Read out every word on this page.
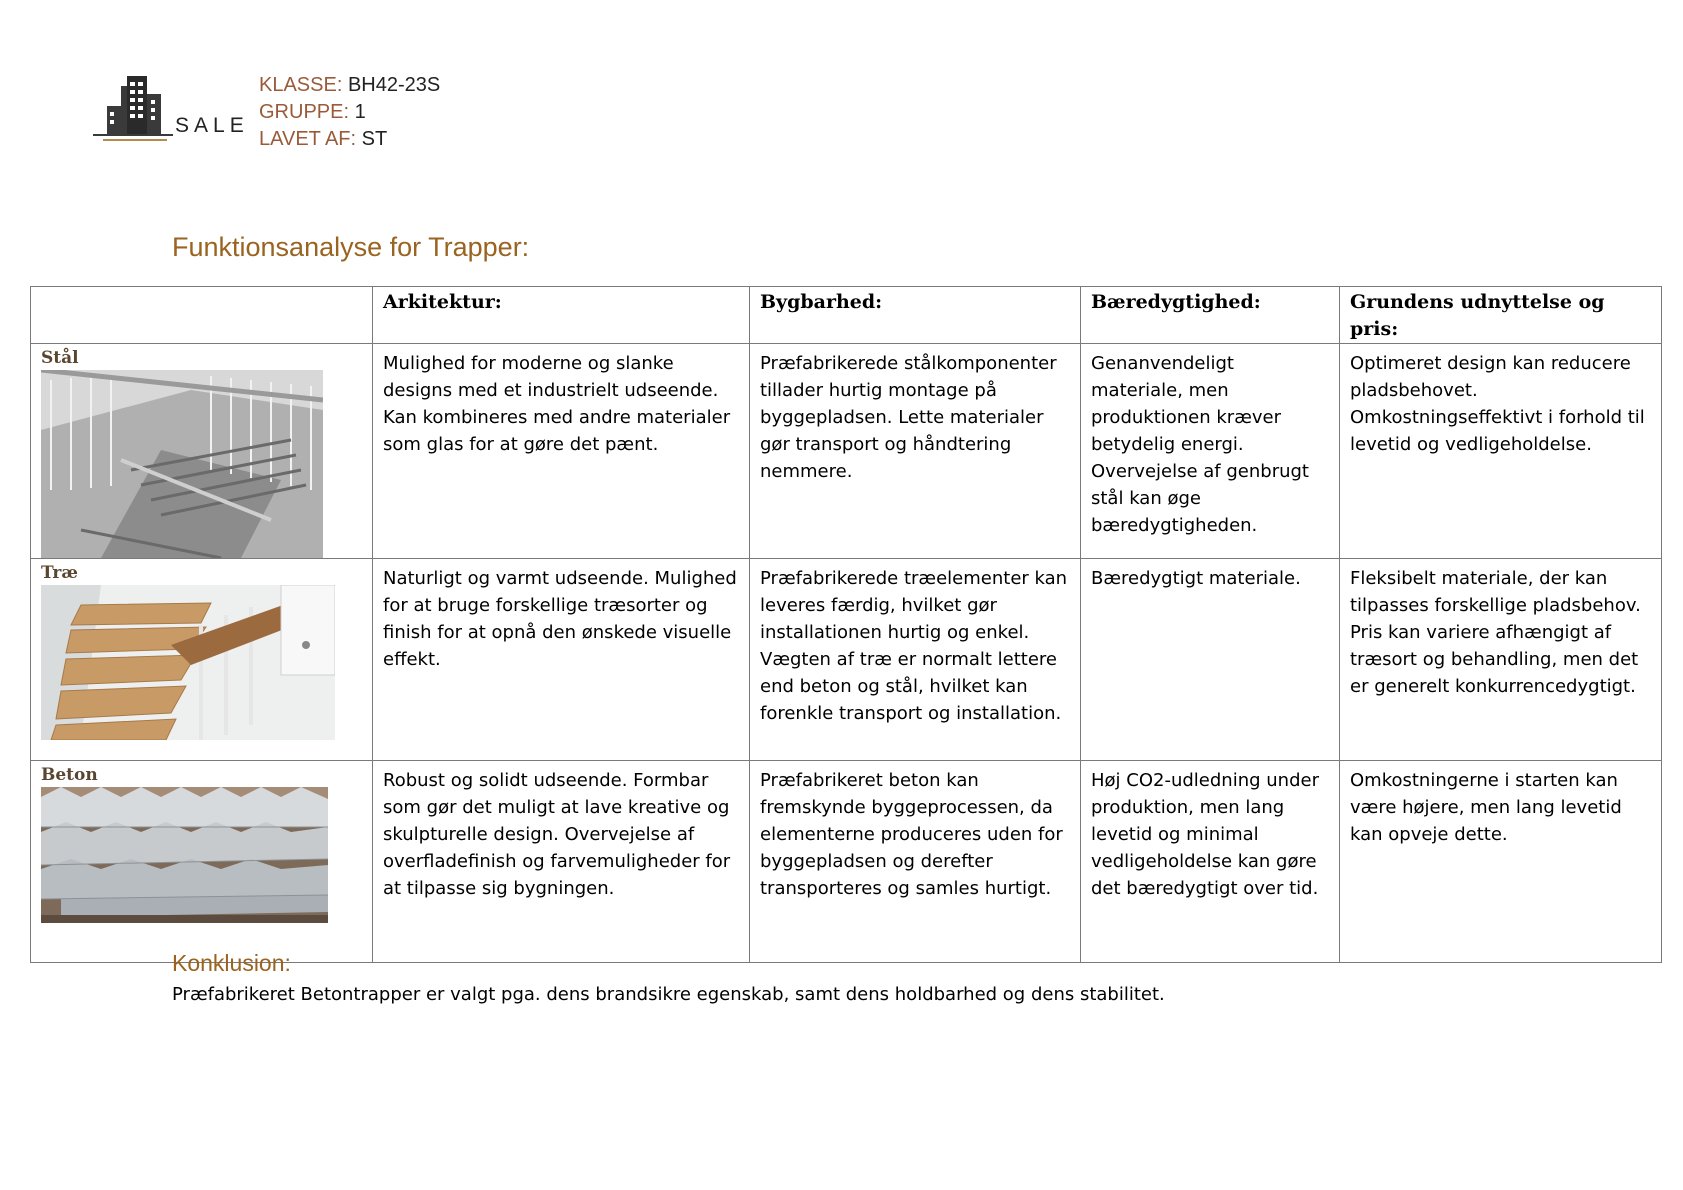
SALE
KLASSE: BH42-23S
GRUPPE: 1
LAVET AF: ST
Funktionsanalyse for Trapper:
	Arkitektur:	Bygbarhed:	Bæredygtighed:	Grundens udnyttelse og pris:

Stål	Mulighed for moderne og slanke designs med et industrielt udseende. Kan kombineres med andre materialer som glas for at gøre det pænt.	Præfabrikerede stålkomponenter tillader hurtig montage på byggepladsen. Lette materialer gør transport og håndtering nemmere.	Genanvendeligt materiale, men produktionen kræver betydelig energi. Overvejelse af genbrugt stål kan øge bæredygtigheden.	Optimeret design kan reducere pladsbehovet. Omkostningseffektivt i forhold til levetid og vedligeholdelse.

Træ	Naturligt og varmt udseende. Mulighed for at bruge forskellige træsorter og finish for at opnå den ønskede visuelle effekt.	Præfabrikerede træelementer kan leveres færdig, hvilket gør installationen hurtig og enkel. Vægten af træ er normalt lettere end beton og stål, hvilket kan forenkle transport og installation.	Bæredygtigt materiale.	Fleksibelt materiale, der kan tilpasses forskellige pladsbehov. Pris kan variere afhængigt af træsort og behandling, men det er generelt konkurrencedygtigt.

Beton	Robust og solidt udseende. Formbar som gør det muligt at lave kreative og skulpturelle design. Overvejelse af overfladefinish og farvemuligheder for at tilpasse sig bygningen.	Præfabrikeret beton kan fremskynde byggeprocessen, da elementerne produceres uden for byggepladsen og derefter transporteres og samles hurtigt.	Høj CO2-udledning under produktion, men lang levetid og minimal vedligeholdelse kan gøre det bæredygtigt over tid.	Omkostningerne i starten kan være højere, men lang levetid kan opveje dette.
Konklusion:
Præfabrikeret Betontrapper er valgt pga. dens brandsikre egenskab, samt dens holdbarhed og dens stabilitet.
